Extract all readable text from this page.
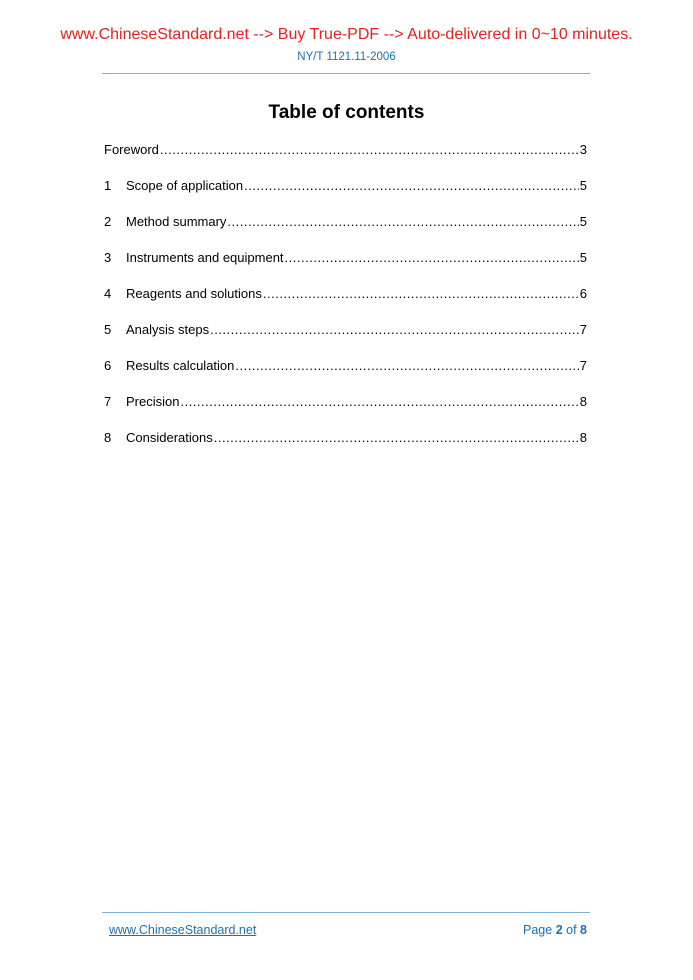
www.ChineseStandard.net --> Buy True-PDF --> Auto-delivered in 0~10 minutes.
NY/T 1121.11-2006
Table of contents
Foreword .....	3
1	Scope of application .....	5
2	Method summary .....	5
3	Instruments and equipment .....	5
4	Reagents and solutions .....	6
5	Analysis steps .....	7
6	Results calculation .....	7
7	Precision .....	8
8	Considerations .....	8
www.ChineseStandard.net	Page 2 of 8
